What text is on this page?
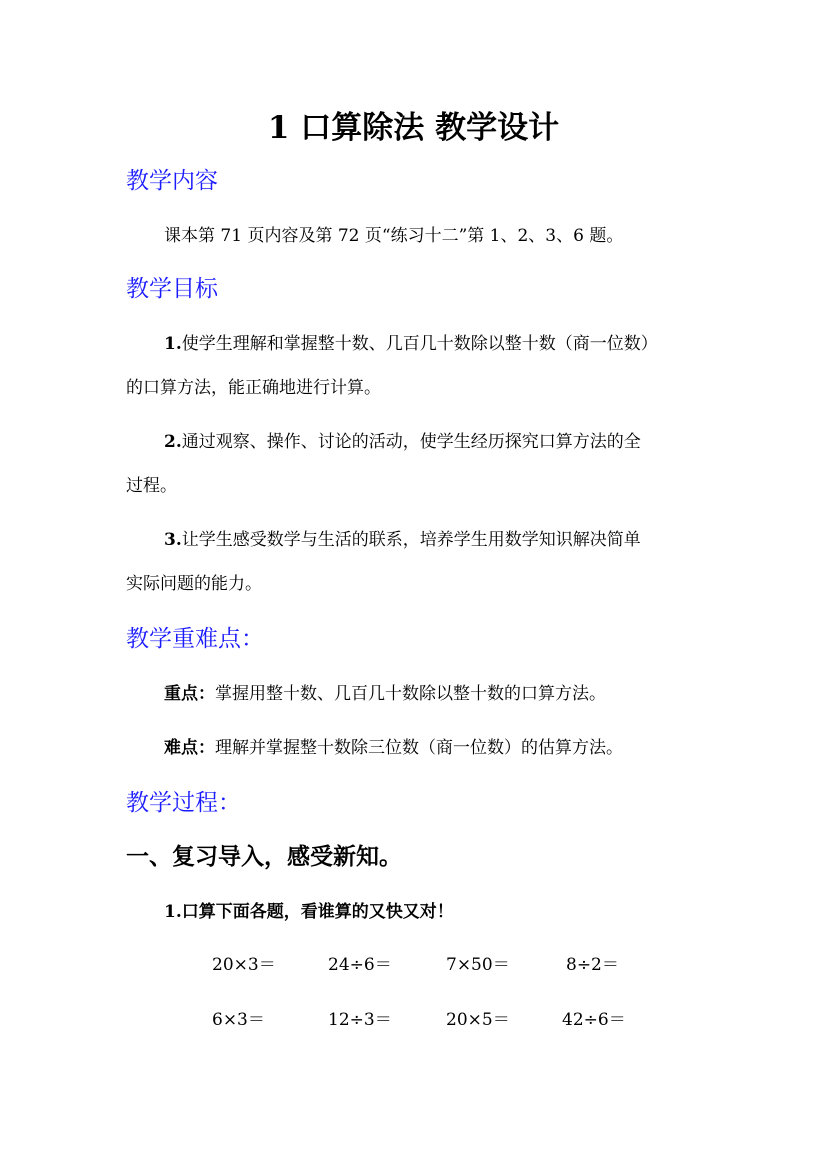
1 口算除法 教学设计
教学内容
课本第 71 页内容及第 72 页“练习十二”第 1、2、3、6 题。
教学目标
1.使学生理解和掌握整十数、几百几十数除以整十数（商一位数）
的口算方法，能正确地进行计算。
2.通过观察、操作、讨论的活动，使学生经历探究口算方法的全
过程。
3.让学生感受数学与生活的联系，培养学生用数学知识解决简单
实际问题的能力。
教学重难点：
重点：掌握用整十数、几百几十数除以整十数的口算方法。
难点：理解并掌握整十数除三位数（商一位数）的估算方法。
教学过程：
一、复习导入，感受新知。
1.口算下面各题，看谁算的又快又对！
20×3＝	24÷6＝	7×50＝	8÷2＝
6×3＝	12÷3＝	20×5＝	42÷6＝
